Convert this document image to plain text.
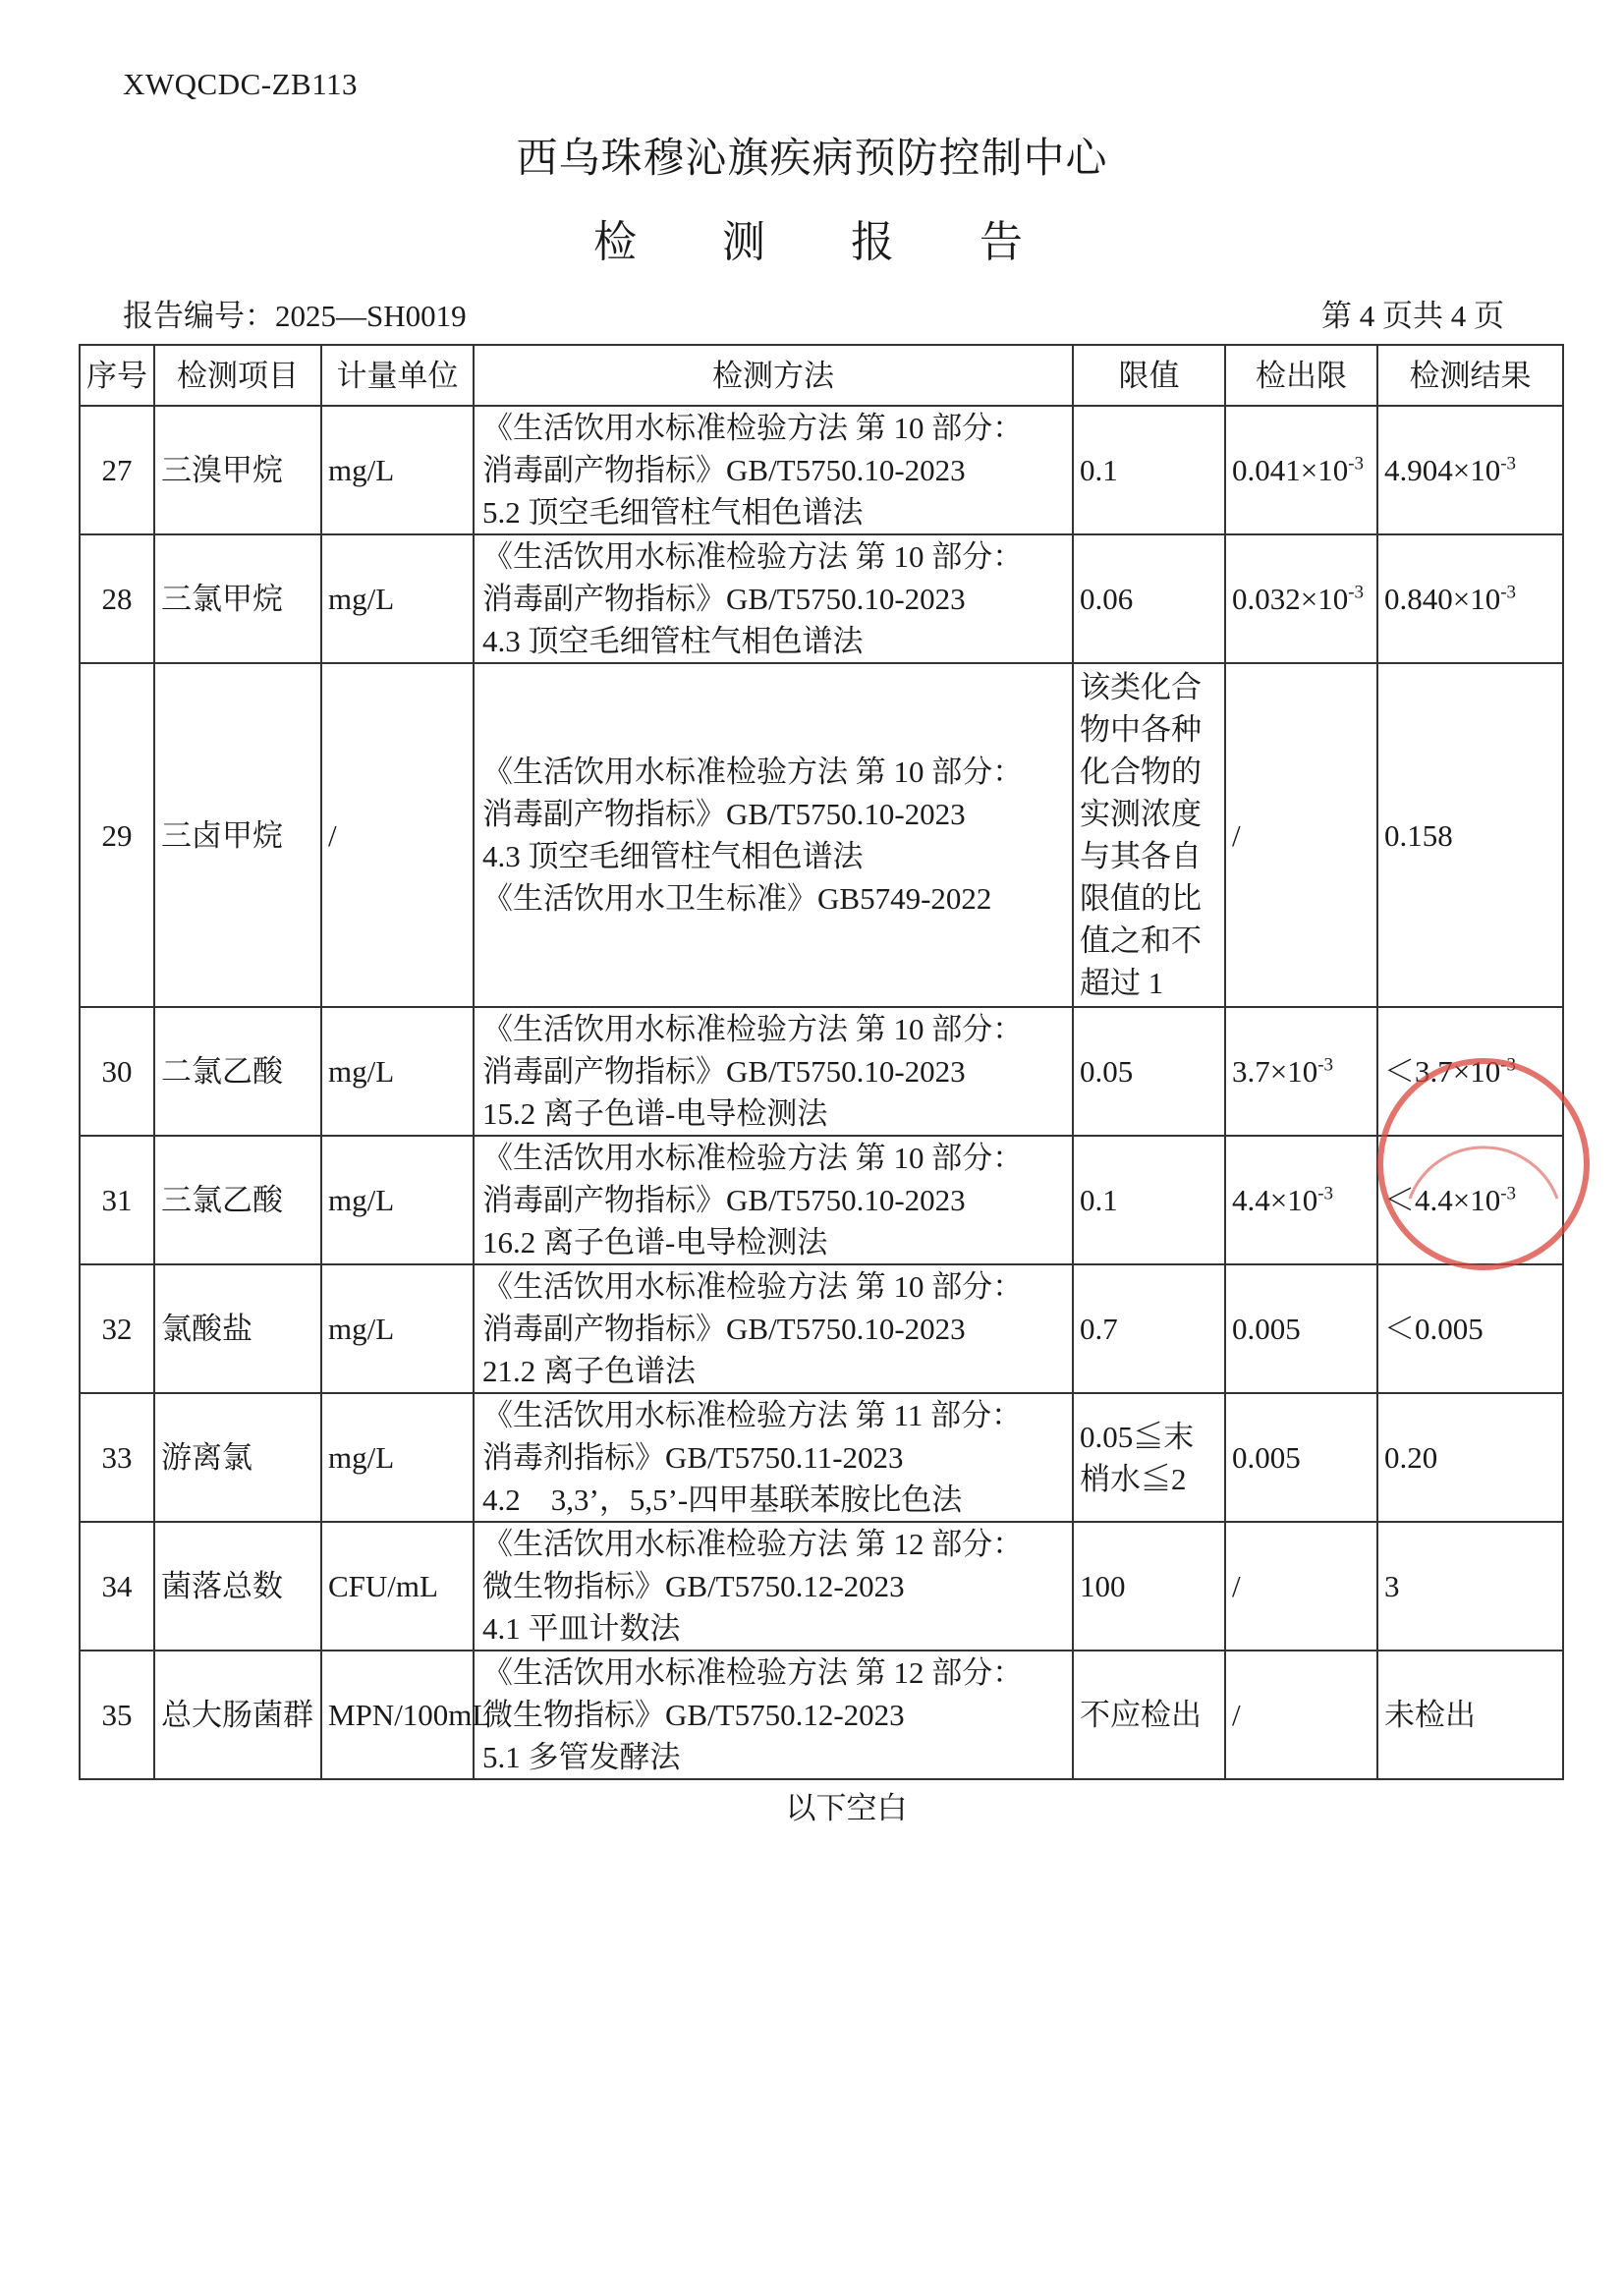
XWQCDC-ZB113
西乌珠穆沁旗疾病预防控制中心
检 测 报 告
报告编号：2025—SH0019	第 4 页共 4 页
序号	检测项目	计量单位	检测方法	限值	检出限	检测结果
27	三溴甲烷	mg/L	《生活饮用水标准检验方法 第 10 部分：
消毒副产物指标》GB/T5750.10-2023
5.2 顶空毛细管柱气相色谱法	0.1	$0.041\times 10^{-3}$	$4.904\times 10^{-3}$
28	三氯甲烷	mg/L	《生活饮用水标准检验方法 第 10 部分：
消毒副产物指标》GB/T5750.10-2023
4.3 顶空毛细管柱气相色谱法	0.06	$0.032\times 10^{-3}$	$0.840\times 10^{-3}$
29	三卤甲烷	/	《生活饮用水标准检验方法 第 10 部分：
消毒副产物指标》GB/T5750.10-2023
4.3 顶空毛细管柱气相色谱法
《生活饮用水卫生标准》GB5749-2022	该类化合物中各种化合物的实测浓度与其各自限值的比值之和不超过 1	/	0.158
30	二氯乙酸	mg/L	《生活饮用水标准检验方法 第 10 部分：
消毒副产物指标》GB/T5750.10-2023
15.2 离子色谱-电导检测法	0.05	$3.7\times 10^{-3}$	$<3.7\times 10^{-3}$
31	三氯乙酸	mg/L	《生活饮用水标准检验方法 第 10 部分：
消毒副产物指标》GB/T5750.10-2023
16.2 离子色谱-电导检测法	0.1	$4.4\times 10^{-3}$	$<4.4\times 10^{-3}$
32	氯酸盐	mg/L	《生活饮用水标准检验方法 第 10 部分：
消毒副产物指标》GB/T5750.10-2023
21.2 离子色谱法	0.7	0.005	＜0.005
33	游离氯	mg/L	《生活饮用水标准检验方法 第 11 部分：
消毒剂指标》GB/T5750.11-2023
4.2　3,3’，5,5’-四甲基联苯胺比色法	0.05≦末梢水≦2	0.005	0.20
34	菌落总数	CFU/mL	《生活饮用水标准检验方法 第 12 部分：
微生物指标》GB/T5750.12-2023
4.1 平皿计数法	100	/	3
35	总大肠菌群	MPN/100mL	《生活饮用水标准检验方法 第 12 部分：
微生物指标》GB/T5750.12-2023
5.1 多管发酵法	不应检出	/	未检出
以下空白
